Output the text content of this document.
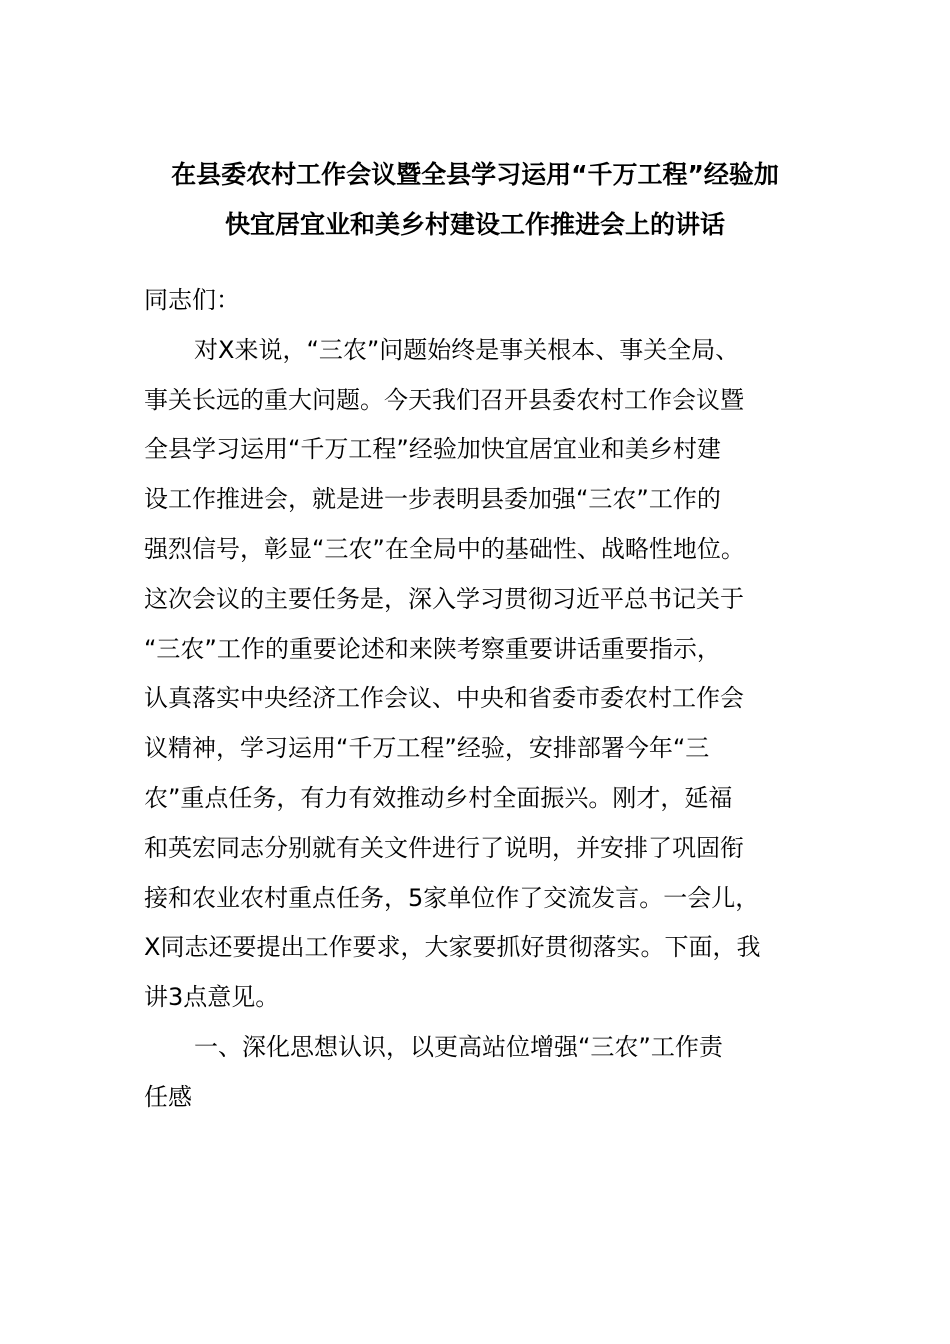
在县委农村工作会议暨全县学习运用“千万工程”经验加
快宜居宜业和美乡村建设工作推进会上的讲话
同志们：
对X来说，“三农”问题始终是事关根本、事关全局、
事关长远的重大问题。今天我们召开县委农村工作会议暨
全县学习运用“千万工程”经验加快宜居宜业和美乡村建
设工作推进会，就是进一步表明县委加强“三农”工作的
强烈信号，彰显“三农”在全局中的基础性、战略性地位。
这次会议的主要任务是，深入学习贯彻习近平总书记关于
“三农”工作的重要论述和来陕考察重要讲话重要指示，
认真落实中央经济工作会议、中央和省委市委农村工作会
议精神，学习运用“千万工程”经验，安排部署今年“三
农”重点任务，有力有效推动乡村全面振兴。刚才，延福
和英宏同志分别就有关文件进行了说明，并安排了巩固衔
接和农业农村重点任务，5家单位作了交流发言。一会儿，
X同志还要提出工作要求，大家要抓好贯彻落实。下面，我
讲3点意见。
一、深化思想认识，以更高站位增强“三农”工作责
任感
